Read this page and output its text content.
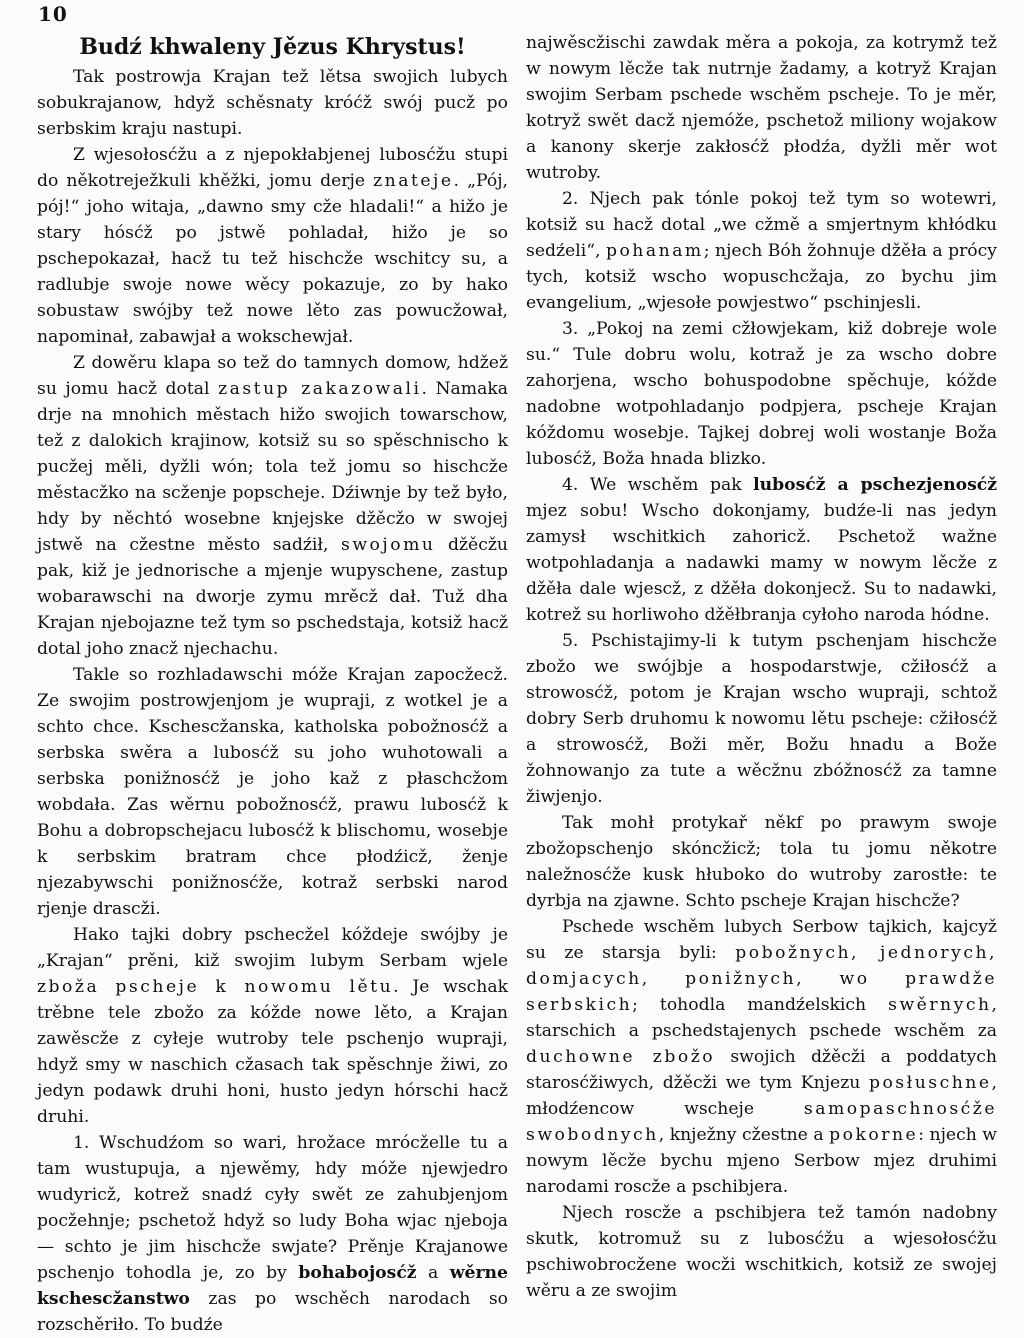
10
Budź khwaleny Jězus Khrystus!

Tak postrowja Krajan tež lětsa swojich lubych sobukrajanow, hdyž schěsnaty króćž swój pucž po serbskim kraju nastupi.

Z wjesołosćžu a z njepokłabjenej lubosćžu stupi do někotreježkuli khěžki, jomu derje znateje. „Pój, pój!“ joho witaja, „dawno smy cže hladali!“ a hižo je stary hósćž po jstwě pohladał, hižo je so pschepokazał, hacž tu tež hischcže wschitcy su, a radlubje swoje nowe wěcy pokazuje, zo by hako sobustaw swójby tež nowe lěto zas powucžował, napominał, zabawjał a wokschewjał.

Z dowěru klapa so tež do tamnych domow, hdžež su jomu hacž dotal zastup zakazowali. Namaka drje na mnohich městach hižo swojich towarschow, tež z dalokich krajinow, kotsiž su so spěschnischo k pucžej měli, dyžli wón; tola tež jomu so hischcže městacžko na scženje popscheje. Dźiwnje by tež było, hdy by něchtó wosebne knjejske džěcžo w swojej jstwě na cžestne město sadźił, swojomu džěcžu pak, kiž je jednorische a mjenje wupyschene, zastup wobarawschi na dworje zymu mrěcž dał. Tuž dha Krajan njebojazne tež tym so pschedstaja, kotsiž hacž dotal joho znacž njechachu.

Takle so rozhladawschi móže Krajan zapocžecž. Ze swojim postrowjenjom je wupraji, z wotkel je a schto chce. Kschescžanska, katholska pobožnosćž a serbska swěra a lubosćž su joho wuhotowali a serbska ponižnosćž je joho kaž z płaschcžom wobdała. Zas wěrnu pobožnosćž, prawu lubosćž k Bohu a dobropschejacu lubosćž k blischomu, wosebje k serbskim bratram chce płodźicž, ženje njezabywschi ponižnosćže, kotraž serbski narod rjenje drascži.

Hako tajki dobry pschecžel kóždeje swójby je „Krajan“ prěni, kiž swojim lubym Serbam wjele zboža pscheje k nowomu lětu. Je wschak trěbne tele zbožo za kóžde nowe lěto, a Krajan zawěscže z cyłeje wutroby tele pschenjo wupraji, hdyž smy w naschich cžasach tak spěschnje žiwi, zo jedyn podawk druhi honi, husto jedyn hórschi hacž druhi.

1. Wschudźom so wari, hrožace mrócželle tu a tam wustupuja, a njewěmy, hdy móže njewjedro wudyricž, kotrež snadź cyły swět ze zahubjenjom pocžehnje; pschetož hdyž so ludy Boha wjac njeboja — schto je jim hischcže swjate? Prěnje Krajanowe pschenjo tohodla je, zo by bohabojosćž a wěrne kschescžanstwo zas po wschěch narodach so rozschěriło. To budźe

najwěscžischi zawdak měra a pokoja, za kotrymž tež w nowym lěcže tak nutrnje žadamy, a kotryž Krajan swojim Serbam pschede wschěm pscheje. To je měr, kotryž swět dacž njemóže, pschetož miliony wojakow a kanony skerje zakłosćž płodźa, dyžli měr wot wutroby.

2. Njech pak tónle pokoj tež tym so wotewri, kotsiž su hacž dotal „we cžmě a smjertnym khłódku sedźeli“, pohanam; njech Bóh žohnuje džěła a prócy tych, kotsiž wscho wopuschcžaja, zo bychu jim evangelium, „wjesołe powjestwo“ pschinjesli.

3. „Pokoj na zemi cžłowjekam, kiž dobreje wole su.“ Tule dobru wolu, kotraž je za wscho dobre zahorjena, wscho bohuspodobne spěchuje, kóžde nadobne wotpohladanjo podpjera, pscheje Krajan kóždomu wosebje. Tajkej dobrej woli wostanje Boža lubosćž, Boža hnada blizko.

4. We wschěm pak lubosćž a pschezjenosćž mjez sobu! Wscho dokonjamy, budźe-li nas jedyn zamysł wschitkich zahoricž. Pschetož wažne wotpohladanja a nadawki mamy w nowym lěcže z džěła dale wjescž, z džěła dokonjecž. Su to nadawki, kotrež su horliwoho džěłbranja cyłoho naroda hódne.

5. Pschistajimy-li k tutym pschenjam hischcže zbožo we swójbje a hospodarstwje, cžiłosćž a strowosćž, potom je Krajan wscho wupraji, schtož dobry Serb druhomu k nowomu lětu pscheje: cžiłosćž a strowosćž, Boži měr, Božu hnadu a Bože žohnowanjo za tute a wěcžnu zbóžnosćž za tamne žiwjenjo.

Tak mohł protykař někf po prawym swoje zbožopschenjo skóncžicž; tola tu jomu někotre naležnosćže kusk hłuboko do wutroby zarostłe: te dyrbja na zjawne. Schto pscheje Krajan hischcže?

Pschede wschěm lubych Serbow tajkich, kajcyž su ze starsja byli: pobožnych, jednorych, domjacych, ponižnych, wo prawdže serbskich; tohodla mandźelskich swěrnych, starschich a pschedstajenych pschede wschěm za duchowne zbožo swojich džěcži a poddatych starosćžiwych, džěcži we tym Knjezu posłuschne, młodźencow wscheje samopaschnosćže swobodnych, knježny cžestne a pokorne: njech w nowym lěcže bychu mjeno Serbow mjez druhimi narodami roscže a pschibjera.

Njech roscže a pschibjera tež tamón nadobny skutk, kotromuž su z lubosćžu a wjesołosćžu pschiwobrocžene wocži wschitkich, kotsiž ze swojej wěru a ze swojim
